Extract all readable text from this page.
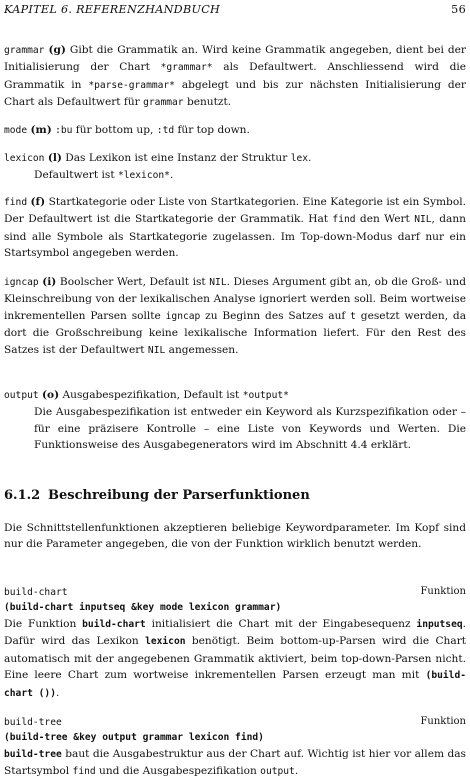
KAPITEL 6. REFERENZHANDBUCH	56
grammar (g) Gibt die Grammatik an. Wird keine Grammatik angegeben, dient bei der Initialisierung der Chart *grammar* als Defaultwert. Anschliessend wird die Grammatik in *parse-grammar* abgelegt und bis zur nächsten Initialisierung der Chart als Defaultwert für grammar benutzt.
mode (m) :bu für bottom up, :td für top down.
lexicon (l) Das Lexikon ist eine Instanz der Struktur lex.
Defaultwert ist *lexicon*.
find (f) Startkategorie oder Liste von Startkategorien. Eine Kategorie ist ein Symbol. Der Defaultwert ist die Startkategorie der Grammatik. Hat find den Wert NIL, dann sind alle Symbole als Startkategorie zugelassen. Im Top-down-Modus darf nur ein Startsymbol angegeben werden.
igncap (i) Boolscher Wert, Default ist NIL. Dieses Argument gibt an, ob die Groß- und Kleinschreibung von der lexikalischen Analyse ignoriert werden soll. Beim wortweise inkrementellen Parsen sollte igncap zu Beginn des Satzes auf t gesetzt werden, da dort die Großschreibung keine lexikalische Information liefert. Für den Rest des Satzes ist der Defaultwert NIL angemessen.
output (o) Ausgabespezifikation, Default ist *output*
Die Ausgabespezifikation ist entweder ein Keyword als Kurzspezifikation oder – für eine präzisere Kontrolle – eine Liste von Keywords und Werten. Die Funktionsweise des Ausgabegenerators wird im Abschnitt 4.4 erklärt.
6.1.2 Beschreibung der Parserfunktionen
Die Schnittstellenfunktionen akzeptieren beliebige Keywordparameter. Im Kopf sind nur die Parameter angegeben, die von der Funktion wirklich benutzt werden.
build-chart	Funktion
(build-chart inputseq &key mode lexicon grammar)
Die Funktion build-chart initialisiert die Chart mit der Eingabesequenz inputseq. Dafür wird das Lexikon lexicon benötigt. Beim bottom-up-Parsen wird die Chart automatisch mit der angegebenen Grammatik aktiviert, beim top-down-Parsen nicht. Eine leere Chart zum wortweise inkrementellen Parsen erzeugt man mit (build-chart ()).
build-tree	Funktion
(build-tree &key output grammar lexicon find)
build-tree baut die Ausgabestruktur aus der Chart auf. Wichtig ist hier vor allem das Startsymbol find und die Ausgabespezifikation output.
